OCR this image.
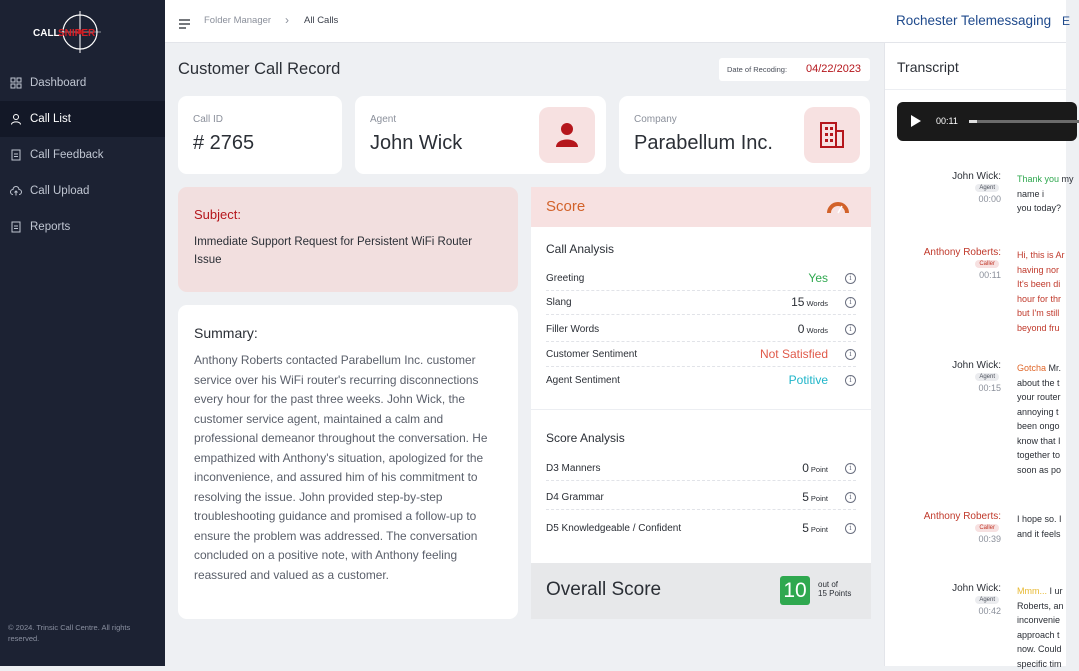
CALL
SNIPER
Dashboard
Call List
Call Feedback
Call Upload
Reports
© 2024. Trinsic Call Centre. All rights reserved.
Folder Manager › All Calls	Rochester Telemessaging E
Customer Call Record	Date of Recoding: 04/22/2023
Call ID
# 2765
Agent
John Wick
Company
Parabellum Inc.
Subject:
Immediate Support Request for Persistent WiFi Router Issue
Summary:
Anthony Roberts contacted Parabellum Inc. customer service over his WiFi router's recurring disconnections every hour for the past three weeks. John Wick, the customer service agent, maintained a calm and professional demeanor throughout the conversation. He empathized with Anthony's situation, apologized for the inconvenience, and assured him of his commitment to resolving the issue. John provided step-by-step troubleshooting guidance and promised a follow-up to ensure the problem was addressed. The conversation concluded on a positive note, with Anthony feeling reassured and valued as a customer.
Score
Call Analysis
Greeting	Yes	i
Slang	15 Words	i
Filler Words	0 Words	i
Customer Sentiment	Not Satisfied	i
Agent Sentiment	Potitive	i
Score Analysis
D3 Manners	0 Point	i
D4 Grammar	5 Point	i
D5 Knowledgeable / Confident	5 Point	i
Overall Score	10	out of
15 Points
Transcript
00:11
John Wick:
Agent
00:00
Thank you my name i
you today?
Anthony Roberts:
Caller
00:11
Hi, this is Ar
having nor
It's been di
hour for thr
but I'm still
beyond fru
John Wick:
Agent
00:15
Gotcha Mr.
about the t
your router
annoying t
been ongo
know that I
together to
soon as po
Anthony Roberts:
Caller
00:39
I hope so. I
and it feels
John Wick:
Agent
00:42
Mmm... I ur
Roberts, an
inconvenie
approach t
now. Could
specific tim
